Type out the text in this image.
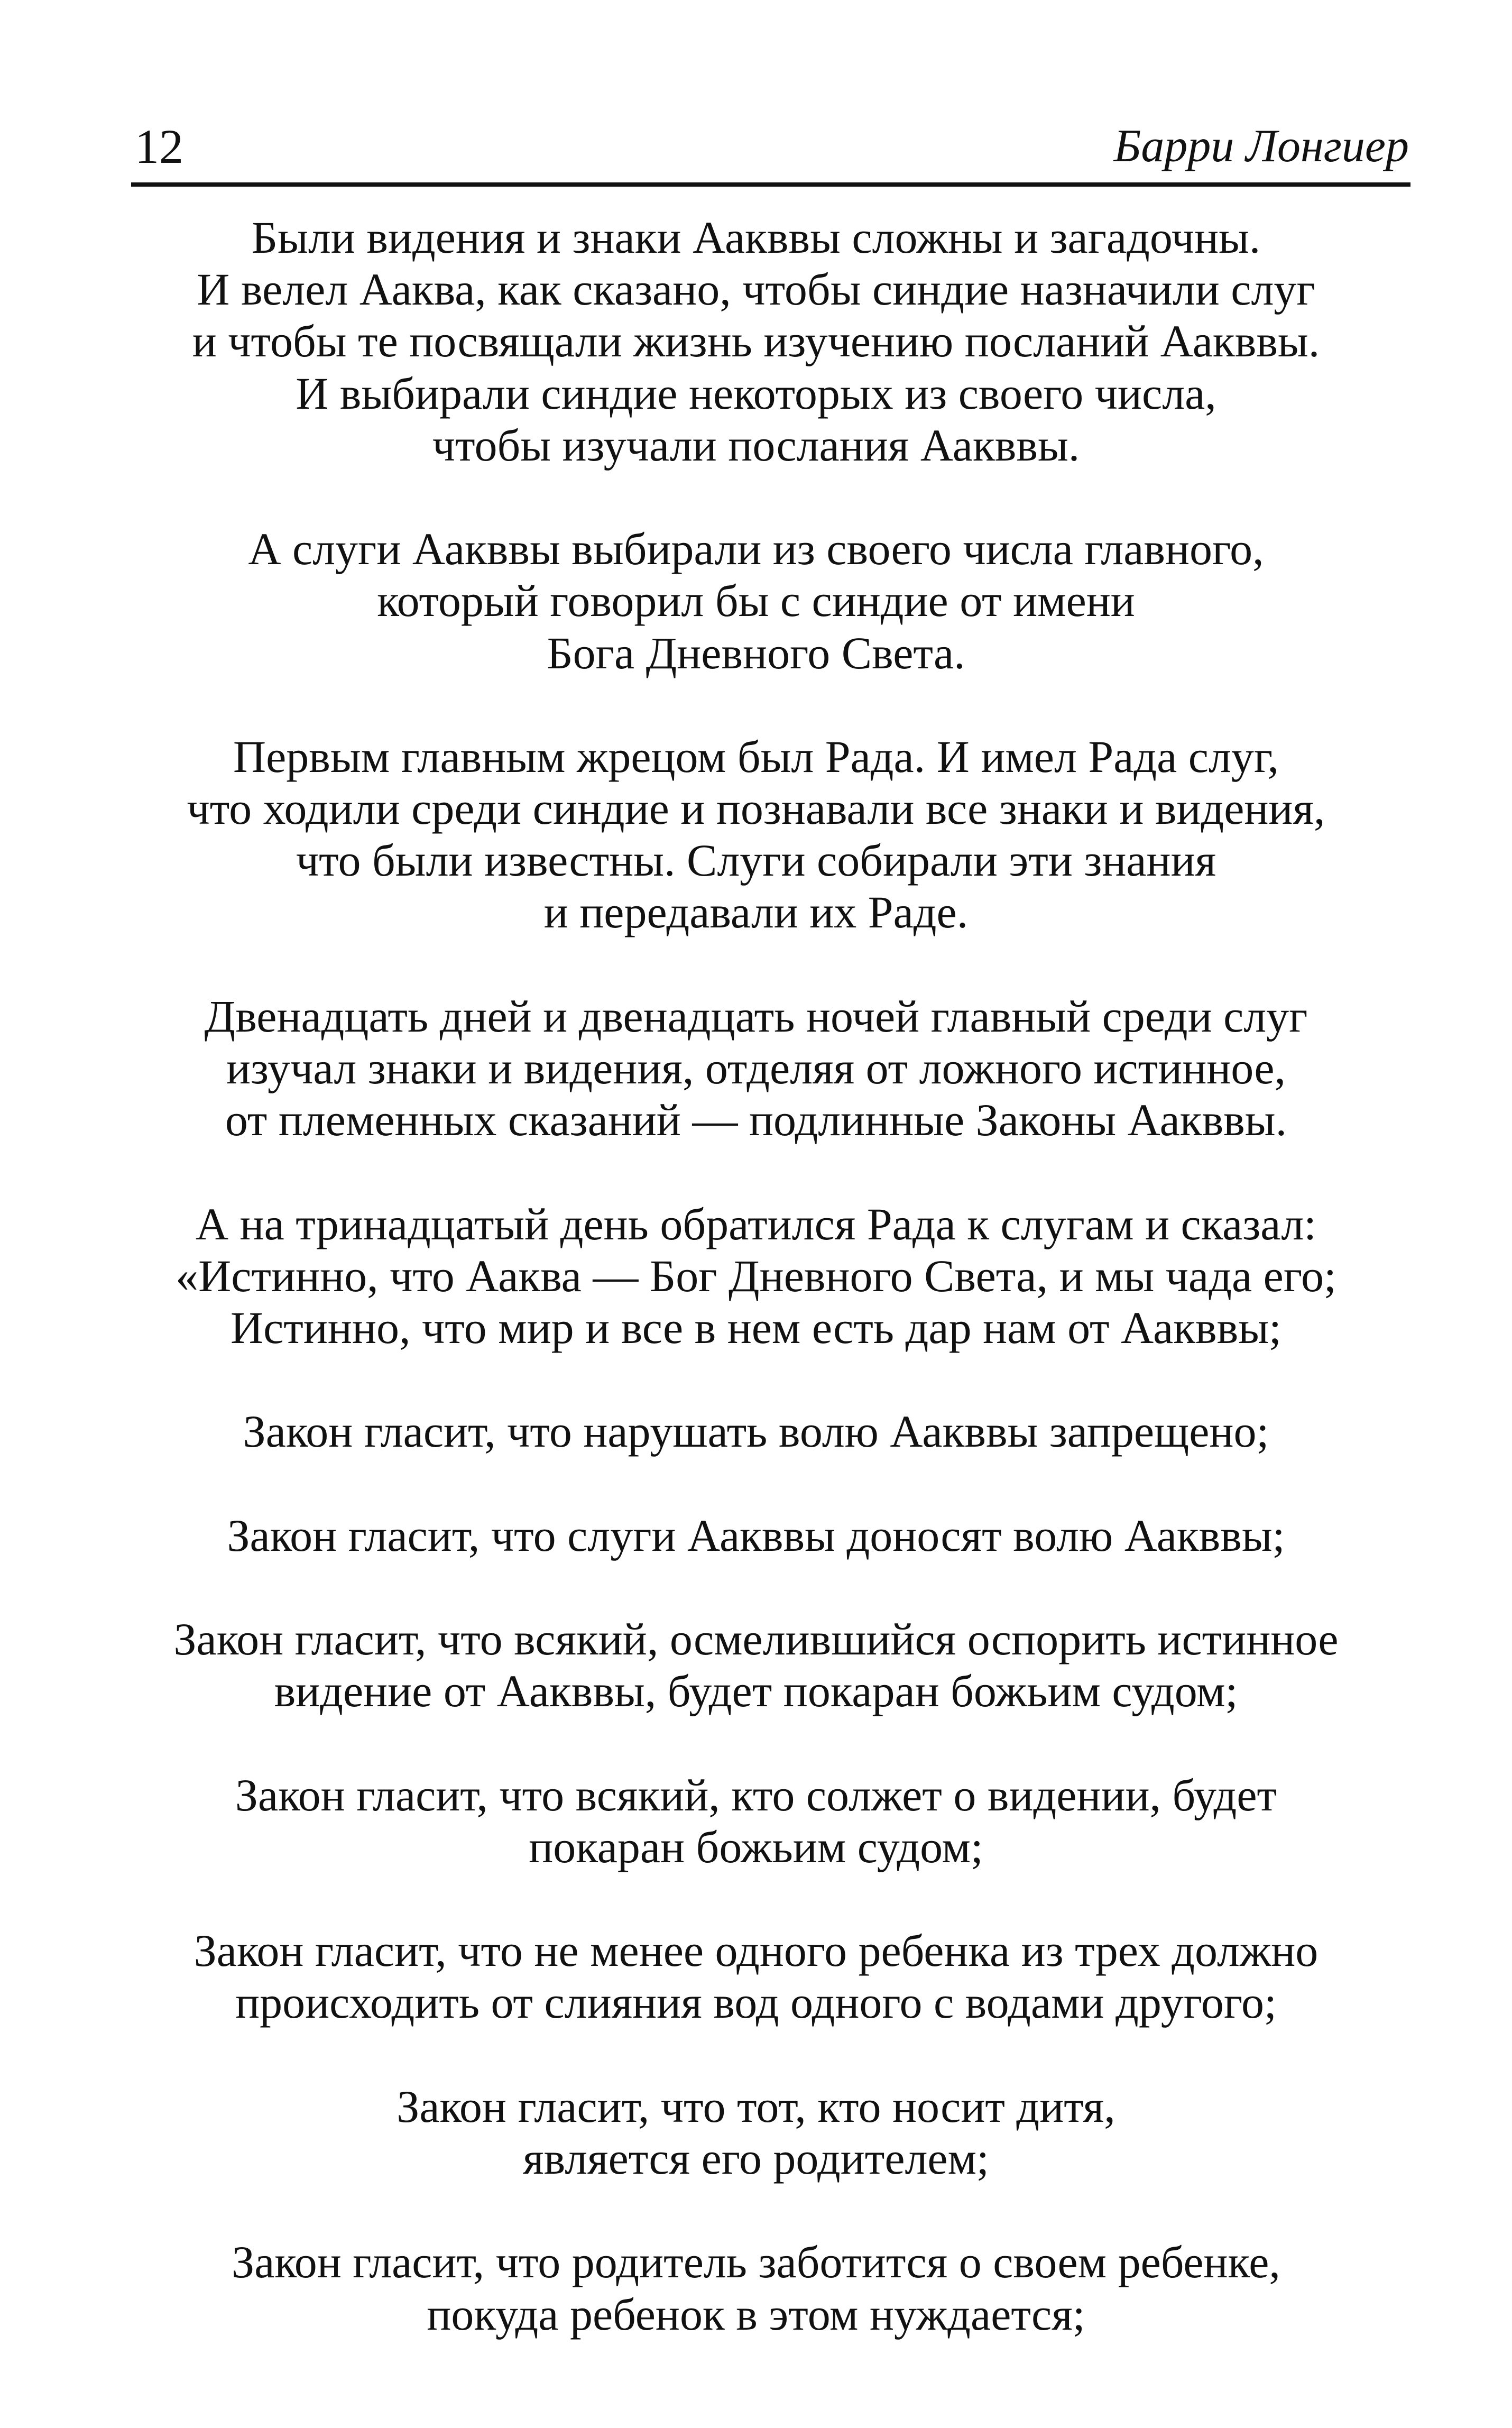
12	Барри Лонгиер
Были видения и знаки Аакввы сложны и загадочны.
И велел Ааква, как сказано, чтобы синдие назначили слуг
и чтобы те посвящали жизнь изучению посланий Аакввы.
И выбирали синдие некоторых из своего числа,
чтобы изучали послания Аакввы.
А слуги Аакввы выбирали из своего числа главного,
который говорил бы с синдие от имени
Бога Дневного Света.
Первым главным жрецом был Рада. И имел Рада слуг,
что ходили среди синдие и познавали все знаки и видения,
что были известны. Слуги собирали эти знания
и передавали их Раде.
Двенадцать дней и двенадцать ночей главный среди слуг
изучал знаки и видения, отделяя от ложного истинное,
от племенных сказаний — подлинные Законы Аакввы.
А на тринадцатый день обратился Рада к слугам и сказал:
«Истинно, что Ааква — Бог Дневного Света, и мы чада его;
Истинно, что мир и все в нем есть дар нам от Аакввы;
Закон гласит, что нарушать волю Аакввы запрещено;
Закон гласит, что слуги Аакввы доносят волю Аакввы;
Закон гласит, что всякий, осмелившийся оспорить истинное
видение от Аакввы, будет покаран божьим судом;
Закон гласит, что всякий, кто солжет о видении, будет
покаран божьим судом;
Закон гласит, что не менее одного ребенка из трех должно
происходить от слияния вод одного с водами другого;
Закон гласит, что тот, кто носит дитя,
является его родителем;
Закон гласит, что родитель заботится о своем ребенке,
покуда ребенок в этом нуждается;
